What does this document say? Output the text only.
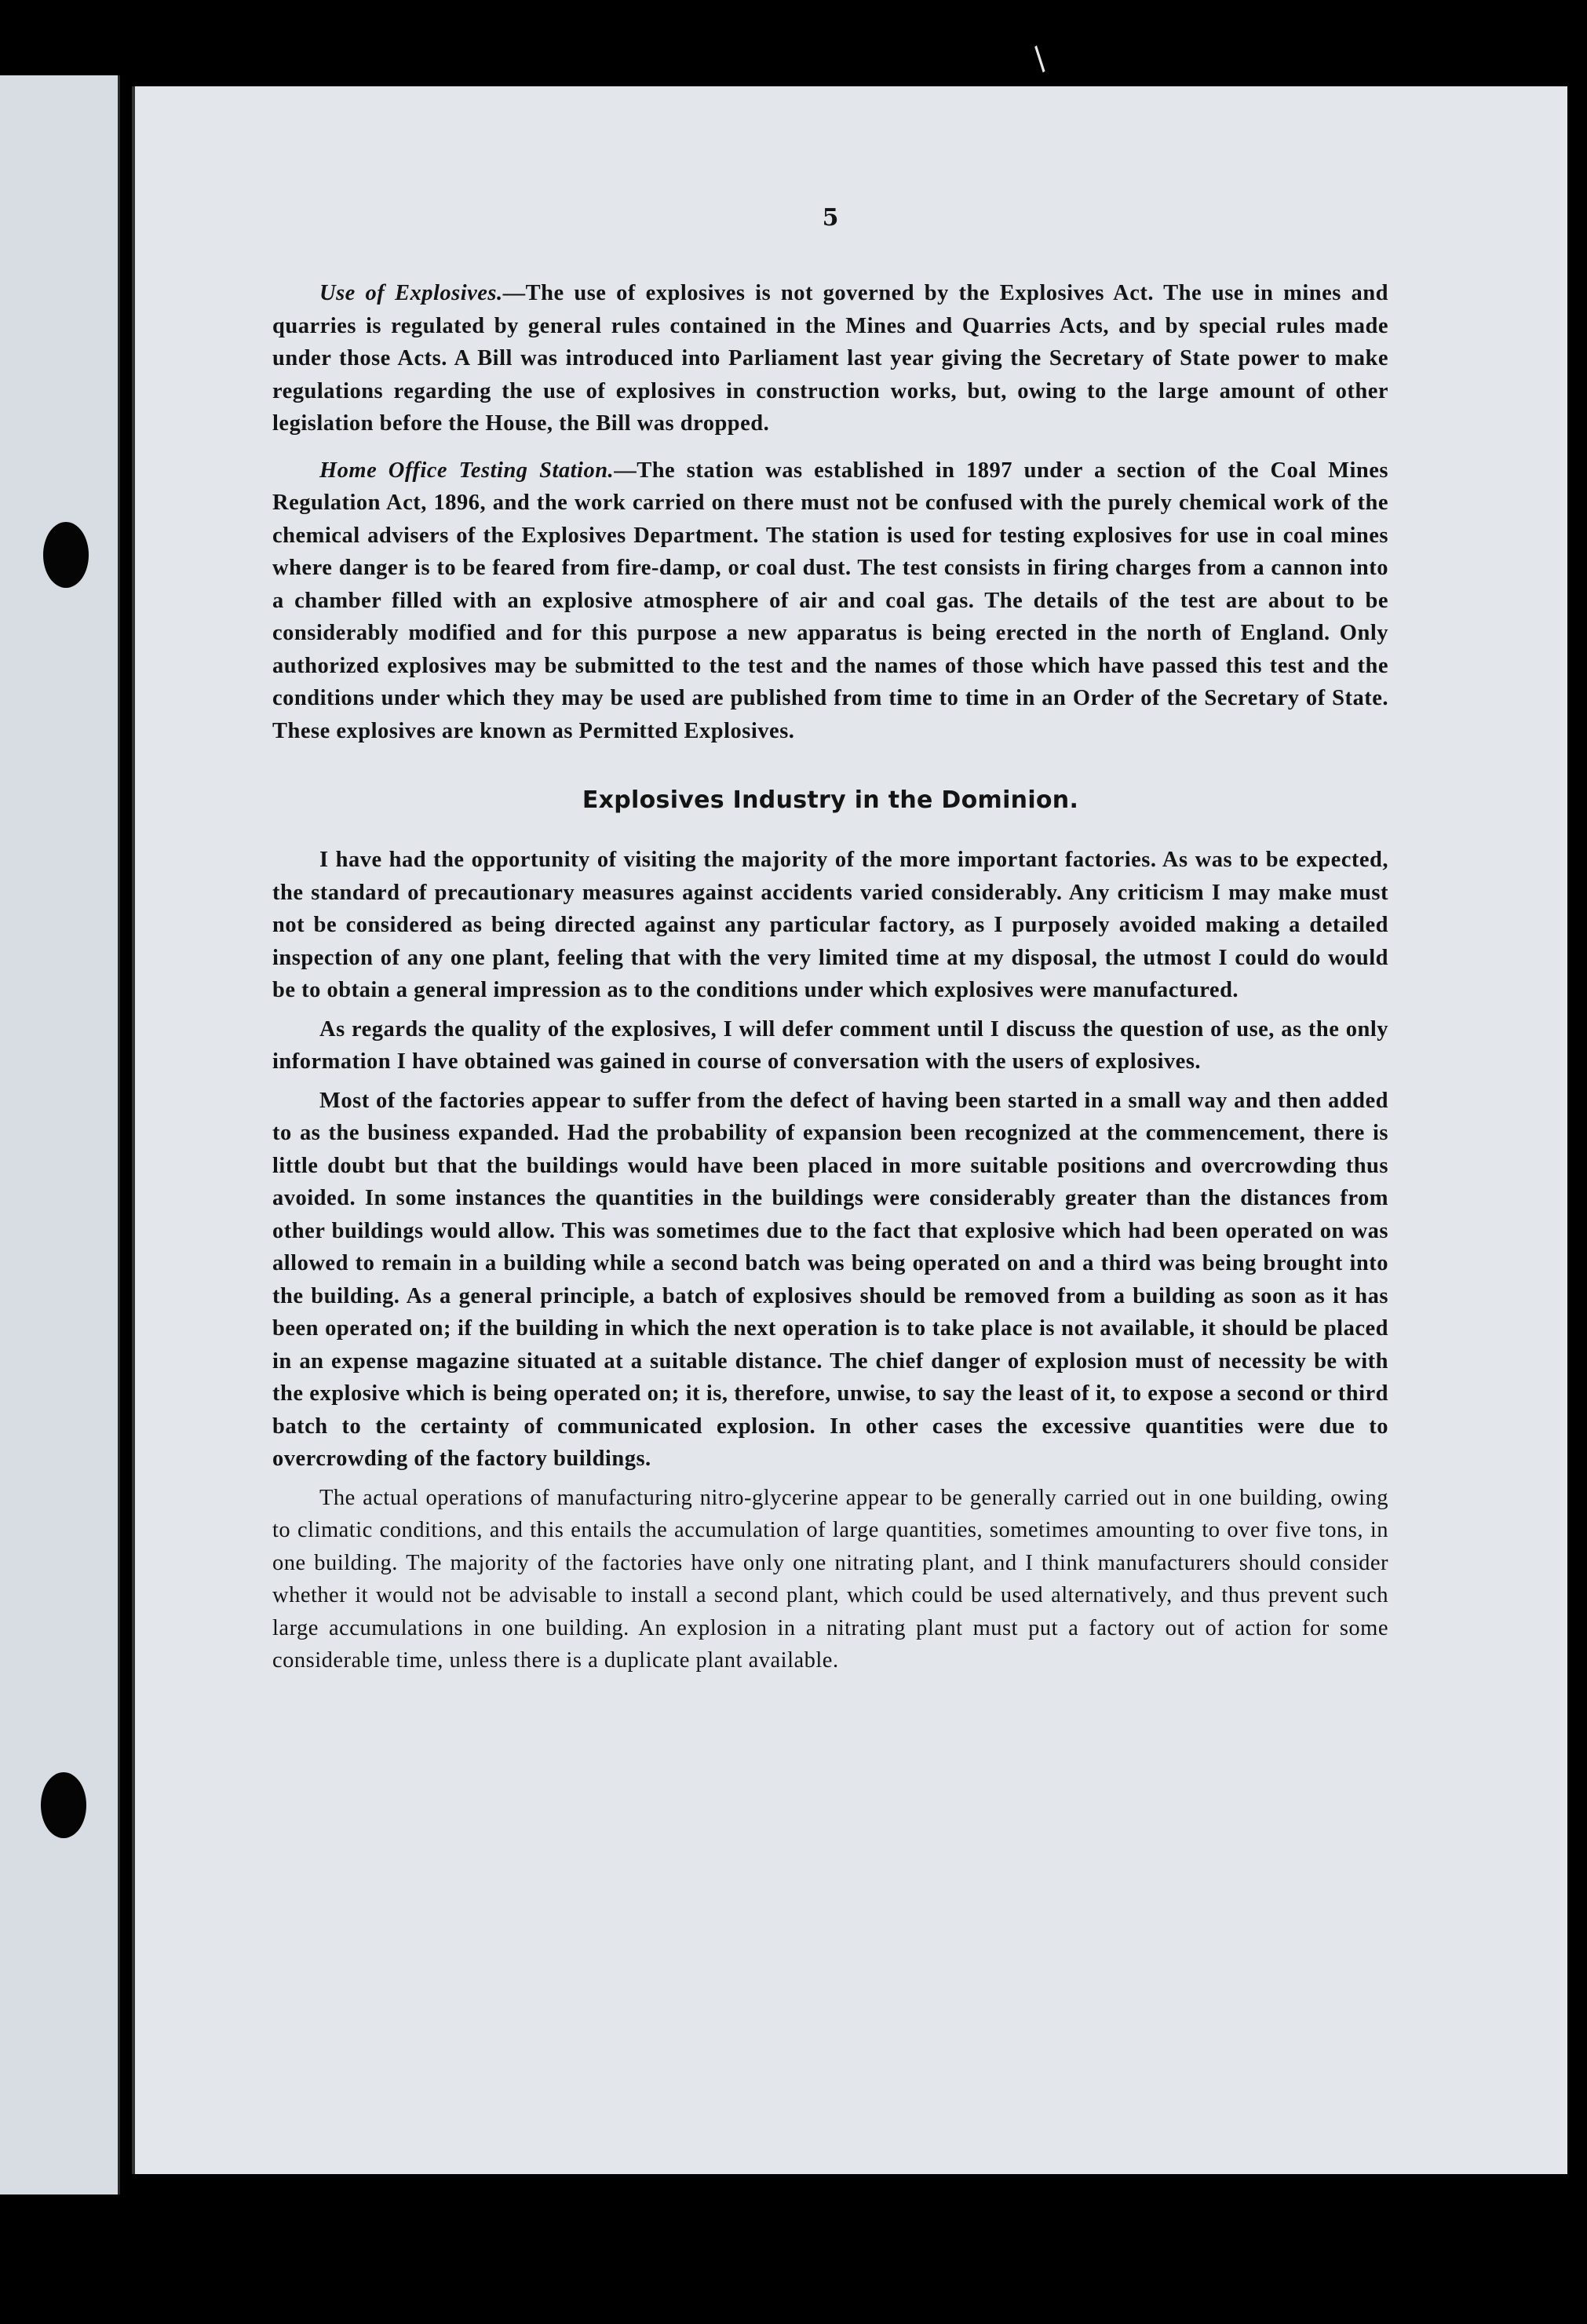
/
5

Use of Explosives.—The use of explosives is not governed by the Explosives Act. The use in mines and quarries is regulated by general rules contained in the Mines and Quarries Acts, and by special rules made under those Acts. A Bill was introduced into Parliament last year giving the Secretary of State power to make regulations regarding the use of explosives in construction works, but, owing to the large amount of other legislation before the House, the Bill was dropped.

Home Office Testing Station.—The station was established in 1897 under a section of the Coal Mines Regulation Act, 1896, and the work carried on there must not be confused with the purely chemical work of the chemical advisers of the Explosives Department. The station is used for testing explosives for use in coal mines where danger is to be feared from fire-damp, or coal dust. The test consists in firing charges from a cannon into a chamber filled with an explosive atmosphere of air and coal gas. The details of the test are about to be considerably modified and for this purpose a new apparatus is being erected in the north of England. Only authorized explosives may be submitted to the test and the names of those which have passed this test and the conditions under which they may be used are published from time to time in an Order of the Secretary of State. These explosives are known as Permitted Explosives.

Explosives Industry in the Dominion.

I have had the opportunity of visiting the majority of the more important factories. As was to be expected, the standard of precautionary measures against accidents varied considerably. Any criticism I may make must not be considered as being directed against any particular factory, as I purposely avoided making a detailed inspection of any one plant, feeling that with the very limited time at my disposal, the utmost I could do would be to obtain a general impression as to the conditions under which explosives were manufactured.

As regards the quality of the explosives, I will defer comment until I discuss the question of use, as the only information I have obtained was gained in course of conversation with the users of explosives.

Most of the factories appear to suffer from the defect of having been started in a small way and then added to as the business expanded. Had the probability of expansion been recognized at the commencement, there is little doubt but that the buildings would have been placed in more suitable positions and overcrowding thus avoided. In some instances the quantities in the buildings were considerably greater than the distances from other buildings would allow. This was sometimes due to the fact that explosive which had been operated on was allowed to remain in a building while a second batch was being operated on and a third was being brought into the building. As a general principle, a batch of explosives should be removed from a building as soon as it has been operated on; if the building in which the next operation is to take place is not available, it should be placed in an expense magazine situated at a suitable distance. The chief danger of explosion must of necessity be with the explosive which is being operated on; it is, therefore, unwise, to say the least of it, to expose a second or third batch to the certainty of communicated explosion. In other cases the excessive quantities were due to overcrowding of the factory buildings.

The actual operations of manufacturing nitro-glycerine appear to be generally carried out in one building, owing to climatic conditions, and this entails the accumulation of large quantities, sometimes amounting to over five tons, in one building. The majority of the factories have only one nitrating plant, and I think manufacturers should consider whether it would not be advisable to install a second plant, which could be used alternatively, and thus prevent such large accumulations in one building. An explosion in a nitrating plant must put a factory out of action for some considerable time, unless there is a duplicate plant available.
